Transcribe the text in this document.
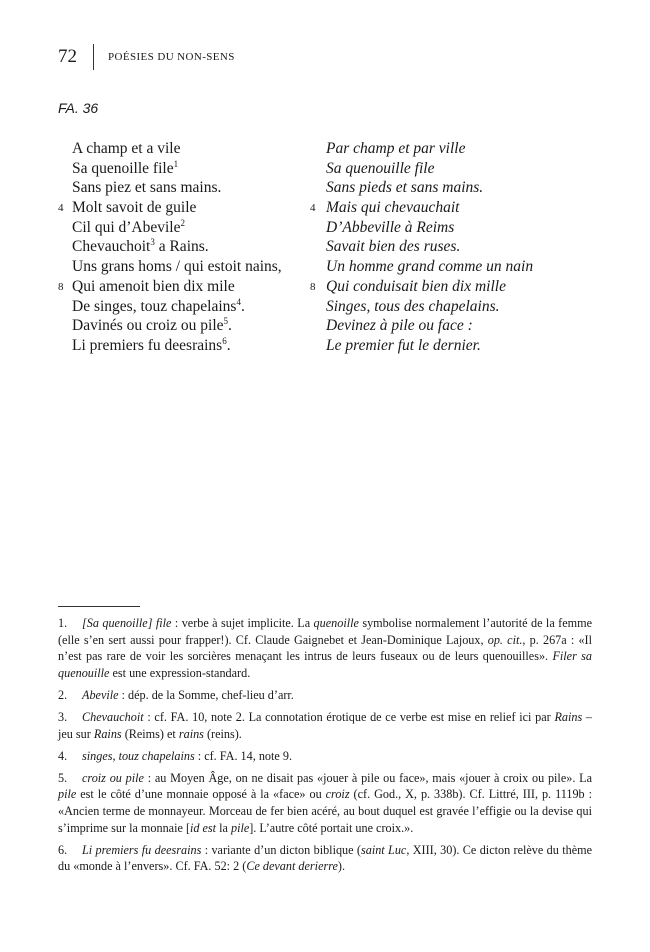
72	POÉSIES DU NON-SENS
FA. 36
A champ et a vile
Sa quenoille file$^1$
Sans piez et sans mains.
4 Molt savoit de guile
Cil qui d’Abevile$^2$
Chevauchoit$^3$ a Rains.
Uns grans homs / qui estoit nains,
8 Qui amenoit bien dix mile
De singes, touz chapelains$^4$.
Davinés ou croiz ou pile$^5$.
Li premiers fu deesrains$^6$.
Par champ et par ville
Sa quenouille file
Sans pieds et sans mains.
4 Mais qui chevauchait
D’Abbeville à Reims
Savait bien des ruses.
Un homme grand comme un nain
8 Qui conduisait bien dix mille
Singes, tous des chapelains.
Devinez à pile ou face :
Le premier fut le dernier.
1. [Sa quenoille] file : verbe à sujet implicite. La quenoille symbolise normalement l’autorité de la femme (elle s’en sert aussi pour frapper!). Cf. Claude Gaignebet et Jean-Dominique Lajoux, op. cit., p. 267a : «Il n’est pas rare de voir les sorcières menaçant les intrus de leurs fuseaux ou de leurs quenouilles». Filer sa quenouille est une expression-standard.
2. Abevile : dép. de la Somme, chef-lieu d’arr.
3. Chevauchoit : cf. FA. 10, note 2. La connotation érotique de ce verbe est mise en relief ici par Rains – jeu sur Rains (Reims) et rains (reins).
4. singes, touz chapelains : cf. FA. 14, note 9.
5. croiz ou pile : au Moyen Âge, on ne disait pas «jouer à pile ou face», mais «jouer à croix ou pile». La pile est le côté d’une monnaie opposé à la «face» ou croiz (cf. God., X, p. 338b). Cf. Littré, III, p. 1119b : «Ancien terme de monnayeur. Morceau de fer bien acéré, au bout duquel est gravée l’effigie ou la devise qui s’imprime sur la monnaie [id est la pile]. L’autre côté portait une croix.».
6. Li premiers fu deesrains : variante d’un dicton biblique (saint Luc, XIII, 30). Ce dicton relève du thème du «monde à l’envers». Cf. FA. 52: 2 (Ce devant derierre).
